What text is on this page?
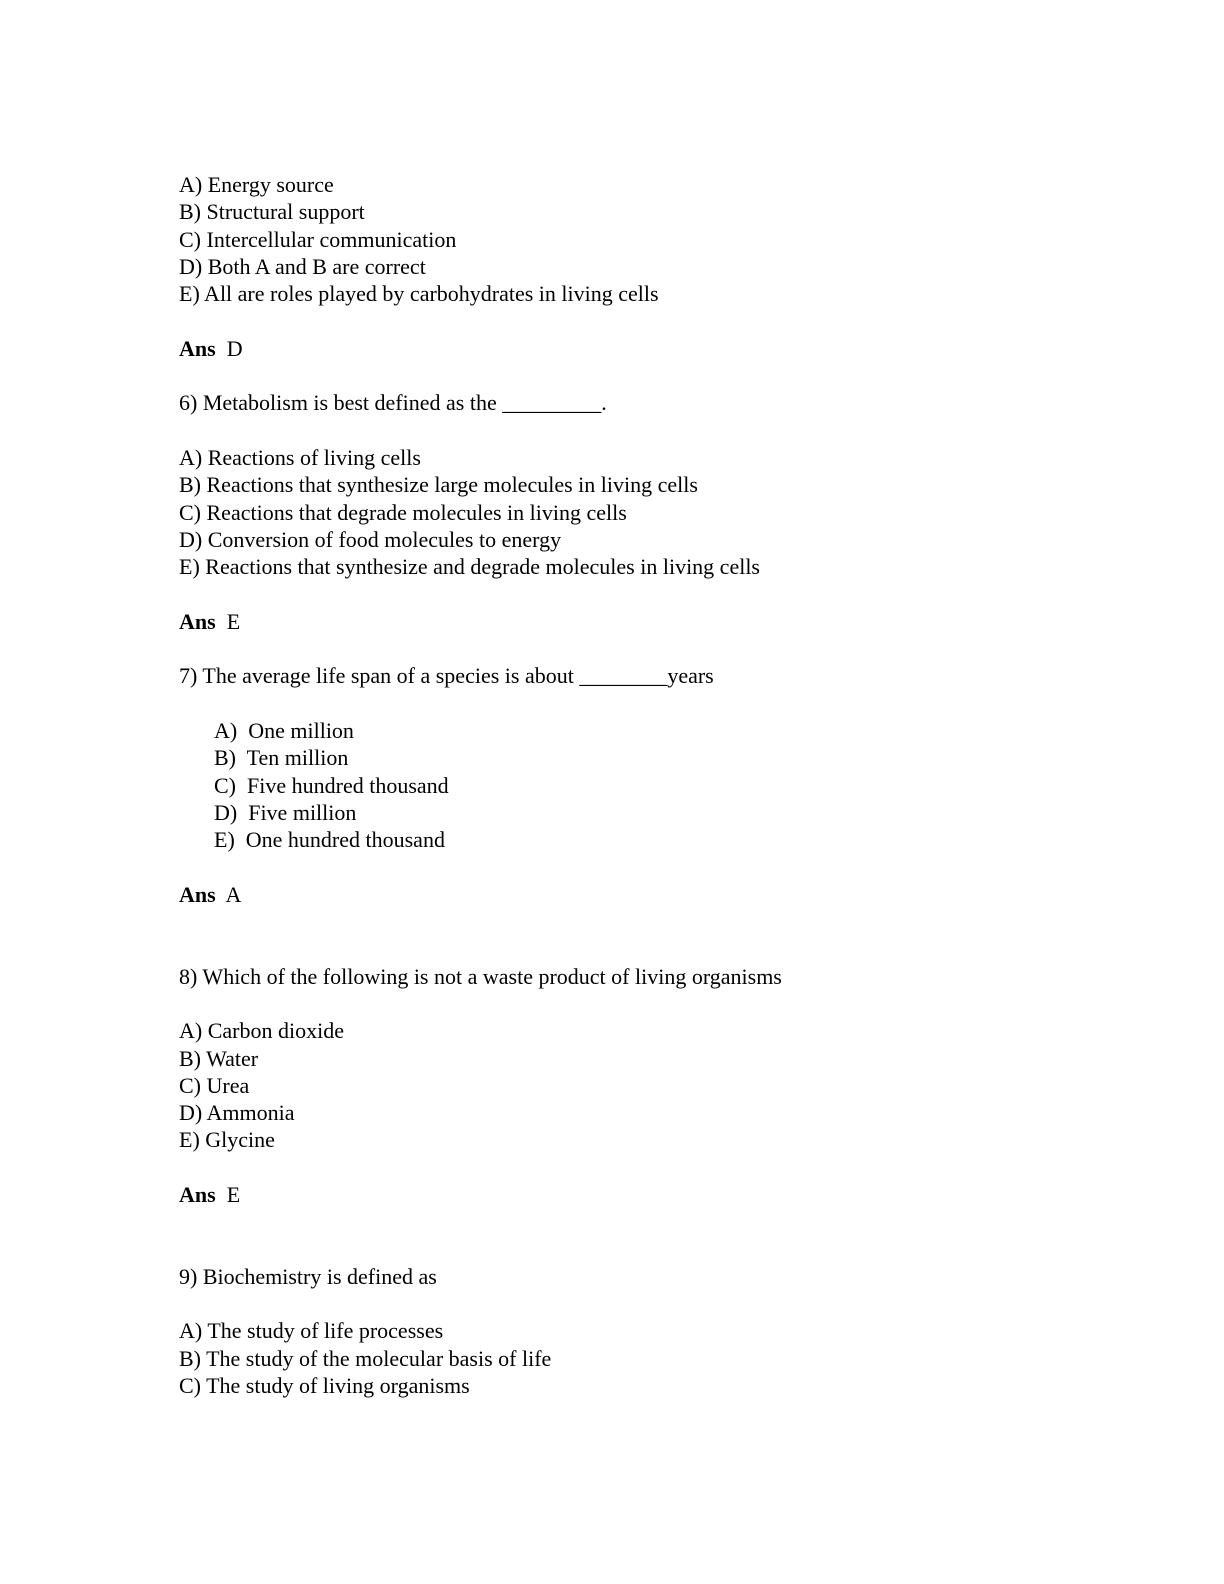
A) Energy source
B) Structural support
C) Intercellular communication
D) Both A and B are correct
E) All are roles played by carbohydrates in living cells
Ans D
6) Metabolism is best defined as the _________.
A) Reactions of living cells
B) Reactions that synthesize large molecules in living cells
C) Reactions that degrade molecules in living cells
D) Conversion of food molecules to energy
E) Reactions that synthesize and degrade molecules in living cells
Ans E
7) The average life span of a species is about ________years
A)  One million
B)  Ten million
C)  Five hundred thousand
D)  Five million
E)  One hundred thousand
Ans A
8) Which of the following is not a waste product of living organisms
A) Carbon dioxide
B) Water
C) Urea
D) Ammonia
E) Glycine
Ans E
9) Biochemistry is defined as
A) The study of life processes
B) The study of the molecular basis of life
C) The study of living organisms
